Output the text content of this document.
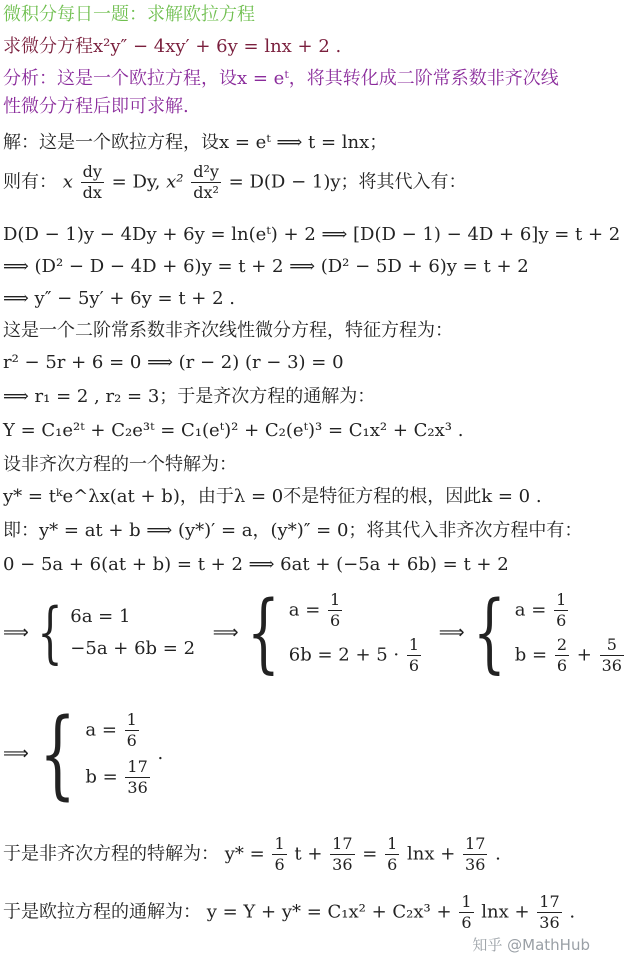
微积分每日一题：求解欧拉方程
求微分方程x²y″ − 4xy′ + 6y = lnx + 2 .
分析：这是一个欧拉方程，设x = eᵗ，将其转化成二阶常系数非齐次线
性微分方程后即可求解.
解：这是一个欧拉方程，设x = eᵗ ⟹ t = lnx；
则有： x $\frac{dy}{dx} = Dy$, $x^2 \frac{\text{d²y}}{\text{dx²}} = D(D - 1)y$；将其代入有：
D(D − 1)y − 4Dy + 6y = ln(eᵗ) + 2 ⟹ [D(D − 1) − 4D + 6]y = t + 2
⟹ (D² − D − 4D + 6)y = t + 2 ⟹ (D² − 5D + 6)y = t + 2
⟹ y″ − 5y′ + 6y = t + 2 .
这是一个二阶常系数非齐次线性微分方程，特征方程为：
r² − 5r + 6 = 0 ⟹ (r − 2) (r − 3) = 0
⟹ r₁ = 2 , r₂ = 3；于是齐次方程的通解为：
Y = C₁e²ᵗ + C₂e³ᵗ = C₁(eᵗ)² + C₂(eᵗ)³ = C₁x² + C₂x³ .
设非齐次方程的一个特解为：
y* = tᵏe^λx(at + b)，由于λ = 0不是特征方程的根，因此k = 0 .
即：y* = at + b ⟹ (y*)′ = a，(y*)″ = 0；将其代入非齐次方程中有：
0 − 5a + 6(at + b) = t + 2 ⟹ 6at + (−5a + 6b) = t + 2
⟹ { 6a = 1
−5a + 6b = 2
⟹ { $a = \frac{1}{6}$
$6b = 2 + 5 \cdot \frac{1}{6}$
⟹ { $a = \frac{1}{6}$
$b = \frac{2}{6} + \frac{5}{36}$
⟹ { $a = \frac{1}{6}$
$b = \frac{17}{36}$
.
于是非齐次方程的特解为： $y* = \frac{1}{6}$ $t + \frac{17}{36} = \frac{1}{6}$ $\ln x + \frac{17}{36}$ .
于是欧拉方程的通解为： $y = Y + y* = C_1x^2 + C_2x^3 + \frac{1}{6}$ $\ln x + \frac{17}{36}$ .
知乎 @MathHub
